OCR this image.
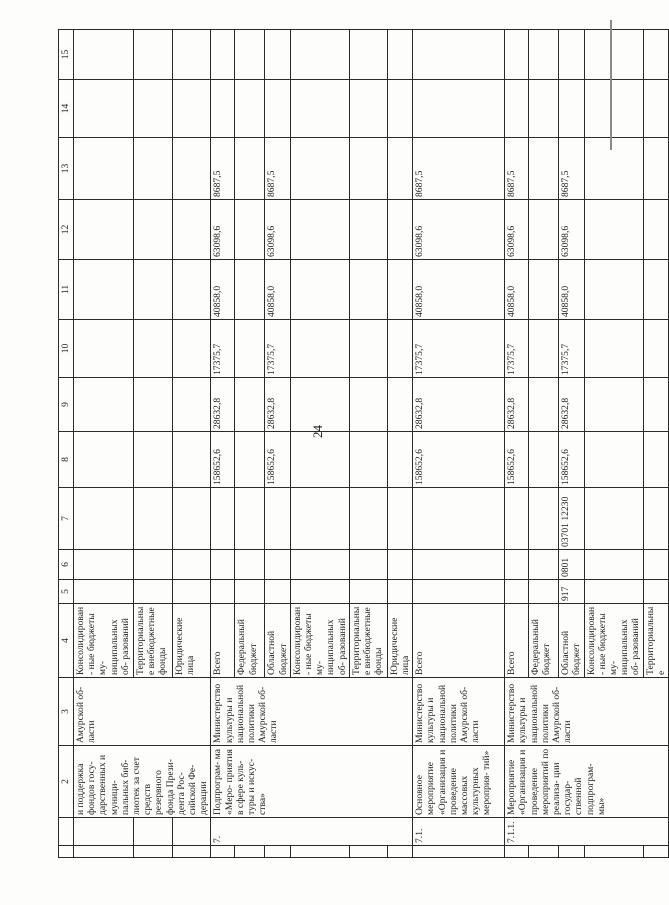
24
		2	3	4	5	6	7	8	9	10	11	12	13	14	15
		и поддержка фондов госу- дарственных и муници- пальных биб- лиотек за счет средств резервного фонда Прези- дента Рос- сийской Фе- дерации	Амурской об- ласти	Консолидирован- ные бюджеты му- ниципальных об- разований											
				Территориальные внебюджетные фонды											
				Юридические лица											
	7.	Подпрограм- ма «Меро- приятия в сфере куль- туры и искус- ства»	Министерство культуры и национальной политики Амурской об- ласти	Всего				158652,6	28632,8	17375,7	40858,0	63098,6	8687,5		
				Федеральный бюджет											
				Областной бюджет				158652,6	28632,8	17375,7	40858,0	63098,6	8687,5		
				Консолидирован- ные бюджеты му- ниципальных об- разований											
				Территориальные внебюджетные фонды											
				Юридические лица											
	7.1.	Основное мероприятие «Организация и проведение массовых культурных мероприя- тий»	Министерство культуры и национальной политики Амурской об- ласти	Всего				158652,6	28632,8	17375,7	40858,0	63098,6	8687,5		
	7.1.1.	Мероприятие «Организация и проведение мероприятий по реализа- ции государ- ственной подпрограм- мы»	Министерство культуры и национальной политики Амурской об- ласти	Всего				158652,6	28632,8	17375,7	40858,0	63098,6	8687,5		
				Федеральный бюджет											
				Областной бюджет	917	0801	03701 12230	158652,6	28632,8	17375,7	40858,0	63098,6	8687,5		
				Консолидирован- ные бюджеты му- ниципальных об- разований											
				Территориальные											
